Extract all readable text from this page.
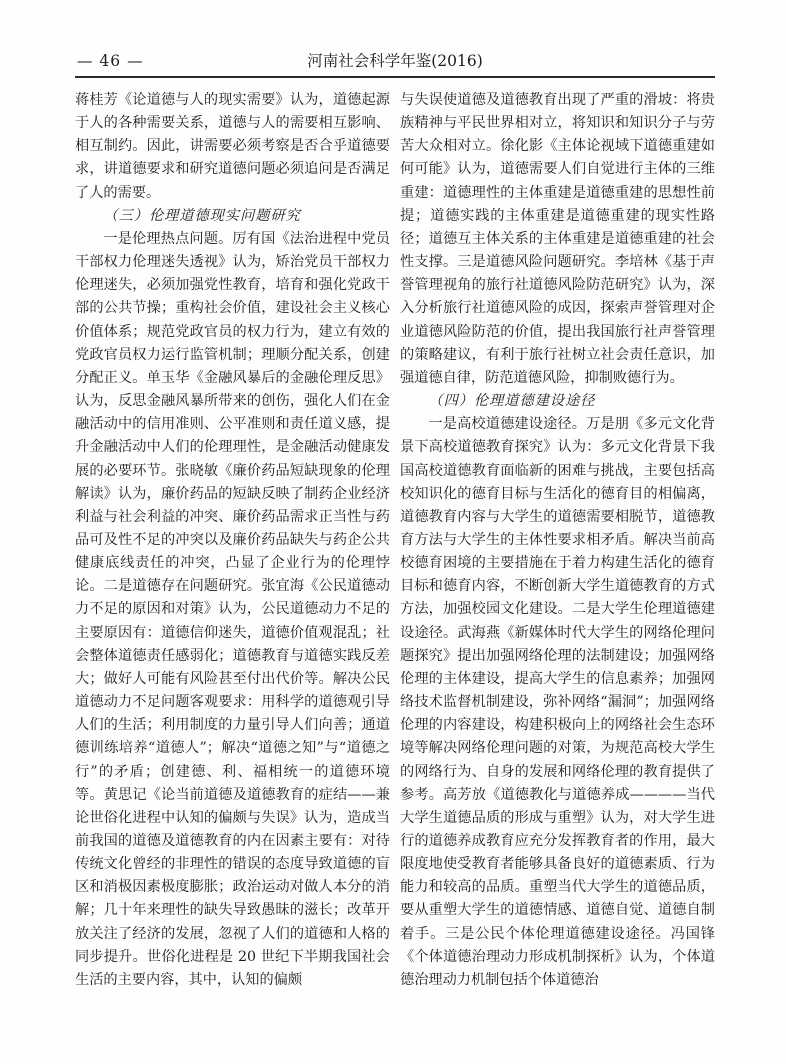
— 46 —	河南社会科学年鉴(2016)

蒋桂芳《论道德与人的现实需要》认为，道德起源于人的各种需要关系，道德与人的需要相互影响、相互制约。因此，讲需要必须考察是否合乎道德要求，讲道德要求和研究道德问题必须追问是否满足了人的需要。

（三）伦理道德现实问题研究

一是伦理热点问题。厉有国《法治进程中党员干部权力伦理迷失透视》认为，矫治党员干部权力伦理迷失，必须加强党性教育，培育和强化党政干部的公共节操；重构社会价值，建设社会主义核心价值体系；规范党政官员的权力行为，建立有效的党政官员权力运行监管机制；理顺分配关系，创建分配正义。单玉华《金融风暴后的金融伦理反思》认为，反思金融风暴所带来的创伤，强化人们在金融活动中的信用准则、公平准则和责任道义感，提升金融活动中人们的伦理理性，是金融活动健康发展的必要环节。张晓敏《廉价药品短缺现象的伦理解读》认为，廉价药品的短缺反映了制药企业经济利益与社会利益的冲突、廉价药品需求正当性与药品可及性不足的冲突以及廉价药品缺失与药企公共健康底线责任的冲突，凸显了企业行为的伦理悖论。二是道德存在问题研究。张宜海《公民道德动力不足的原因和对策》认为，公民道德动力不足的主要原因有：道德信仰迷失，道德价值观混乱；社会整体道德责任感弱化；道德教育与道德实践反差大；做好人可能有风险甚至付出代价等。解决公民道德动力不足问题客观要求：用科学的道德观引导人们的生活；利用制度的力量引导人们向善；通道德训练培养“道德人”；解决“道德之知”与“道德之行”的矛盾；创建德、利、福相统一的道德环境等。黄思记《论当前道德及道德教育的症结——兼论世俗化进程中认知的偏颇与失误》认为，造成当前我国的道德及道德教育的内在因素主要有：对待传统文化曾经的非理性的错误的态度导致道德的盲区和消极因素极度膨胀；政治运动对做人本分的消解；几十年来理性的缺失导致愚昧的滋长；改革开放关注了经济的发展，忽视了人们的道德和人格的同步提升。世俗化进程是 20 世纪下半期我国社会生活的主要内容，其中，认知的偏颇

与失误使道德及道德教育出现了严重的滑坡：将贵族精神与平民世界相对立，将知识和知识分子与劳苦大众相对立。徐化影《主体论视域下道德重建如何可能》认为，道德需要人们自觉进行主体的三维重建：道德理性的主体重建是道德重建的思想性前提；道德实践的主体重建是道德重建的现实性路径；道德互主体关系的主体重建是道德重建的社会性支撑。三是道德风险问题研究。李培林《基于声誉管理视角的旅行社道德风险防范研究》认为，深入分析旅行社道德风险的成因，探索声誉管理对企业道德风险防范的价值，提出我国旅行社声誉管理的策略建议，有利于旅行社树立社会责任意识，加强道德自律，防范道德风险，抑制败德行为。

（四）伦理道德建设途径

一是高校道德建设途径。万是朋《多元文化背景下高校道德教育探究》认为：多元文化背景下我国高校道德教育面临新的困难与挑战，主要包括高校知识化的德育目标与生活化的德育目的相偏离，道德教育内容与大学生的道德需要相脱节，道德教育方法与大学生的主体性要求相矛盾。解决当前高校德育困境的主要措施在于着力构建生活化的德育目标和德育内容，不断创新大学生道德教育的方式方法，加强校园文化建设。二是大学生伦理道德建设途径。武海燕《新媒体时代大学生的网络伦理问题探究》提出加强网络伦理的法制建设；加强网络伦理的主体建设，提高大学生的信息素养；加强网络技术监督机制建设，弥补网络“漏洞”；加强网络伦理的内容建设，构建积极向上的网络社会生态环境等解决网络伦理问题的对策，为规范高校大学生的网络行为、自身的发展和网络伦理的教育提供了参考。高芳放《道德教化与道德养成————当代大学生道德品质的形成与重塑》认为，对大学生进行的道德养成教育应充分发挥教育者的作用，最大限度地使受教育者能够具备良好的道德素质、行为能力和较高的品质。重塑当代大学生的道德品质，要从重塑大学生的道德情感、道德自觉、道德自制着手。三是公民个体伦理道德建设途径。冯国锋《个体道德治理动力形成机制探析》认为，个体道德治理动力机制包括个体道德治
